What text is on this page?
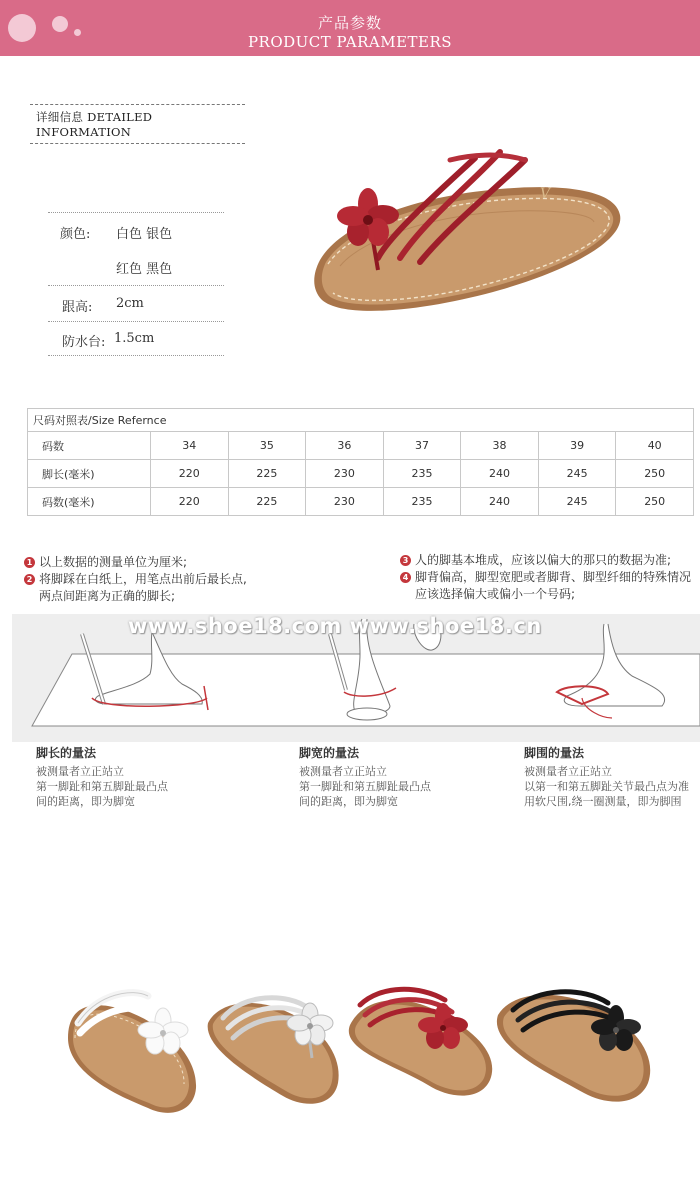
产品参数
PRODUCT PARAMETERS
详细信息 DETAILED INFORMATION
颜色: 白色 银色
红色 黑色
跟高: 2cm
防水台: 1.5cm
V
尺码对照表/Size Refernce							
码数	34	35	36	37	38	39	40
脚长(毫米)	220	225	230	235	240	245	250
码数(毫米)	220	225	230	235	240	245	250
1 以上数据的测量单位为厘米;
2 将脚踩在白纸上，用笔点出前后最长点,
两点间距离为正确的脚长;
3 人的脚基本堆成，应该以偏大的那只的数据为准;
4 脚背偏高，脚型宽肥或者脚背、脚型纤细的特殊情况
应该选择偏大或偏小一个号码;
www.shoe18.com www.shoe18.cn
脚长的量法
被测量者立正站立
第一脚趾和第五脚趾最凸点
间的距离，即为脚宽
脚宽的量法
被测量者立正站立
第一脚趾和第五脚趾最凸点
间的距离，即为脚宽
脚围的量法
被测量者立正站立
以第一和第五脚趾关节最凸点为准
用软尺围,绕一圈测量，即为脚围
